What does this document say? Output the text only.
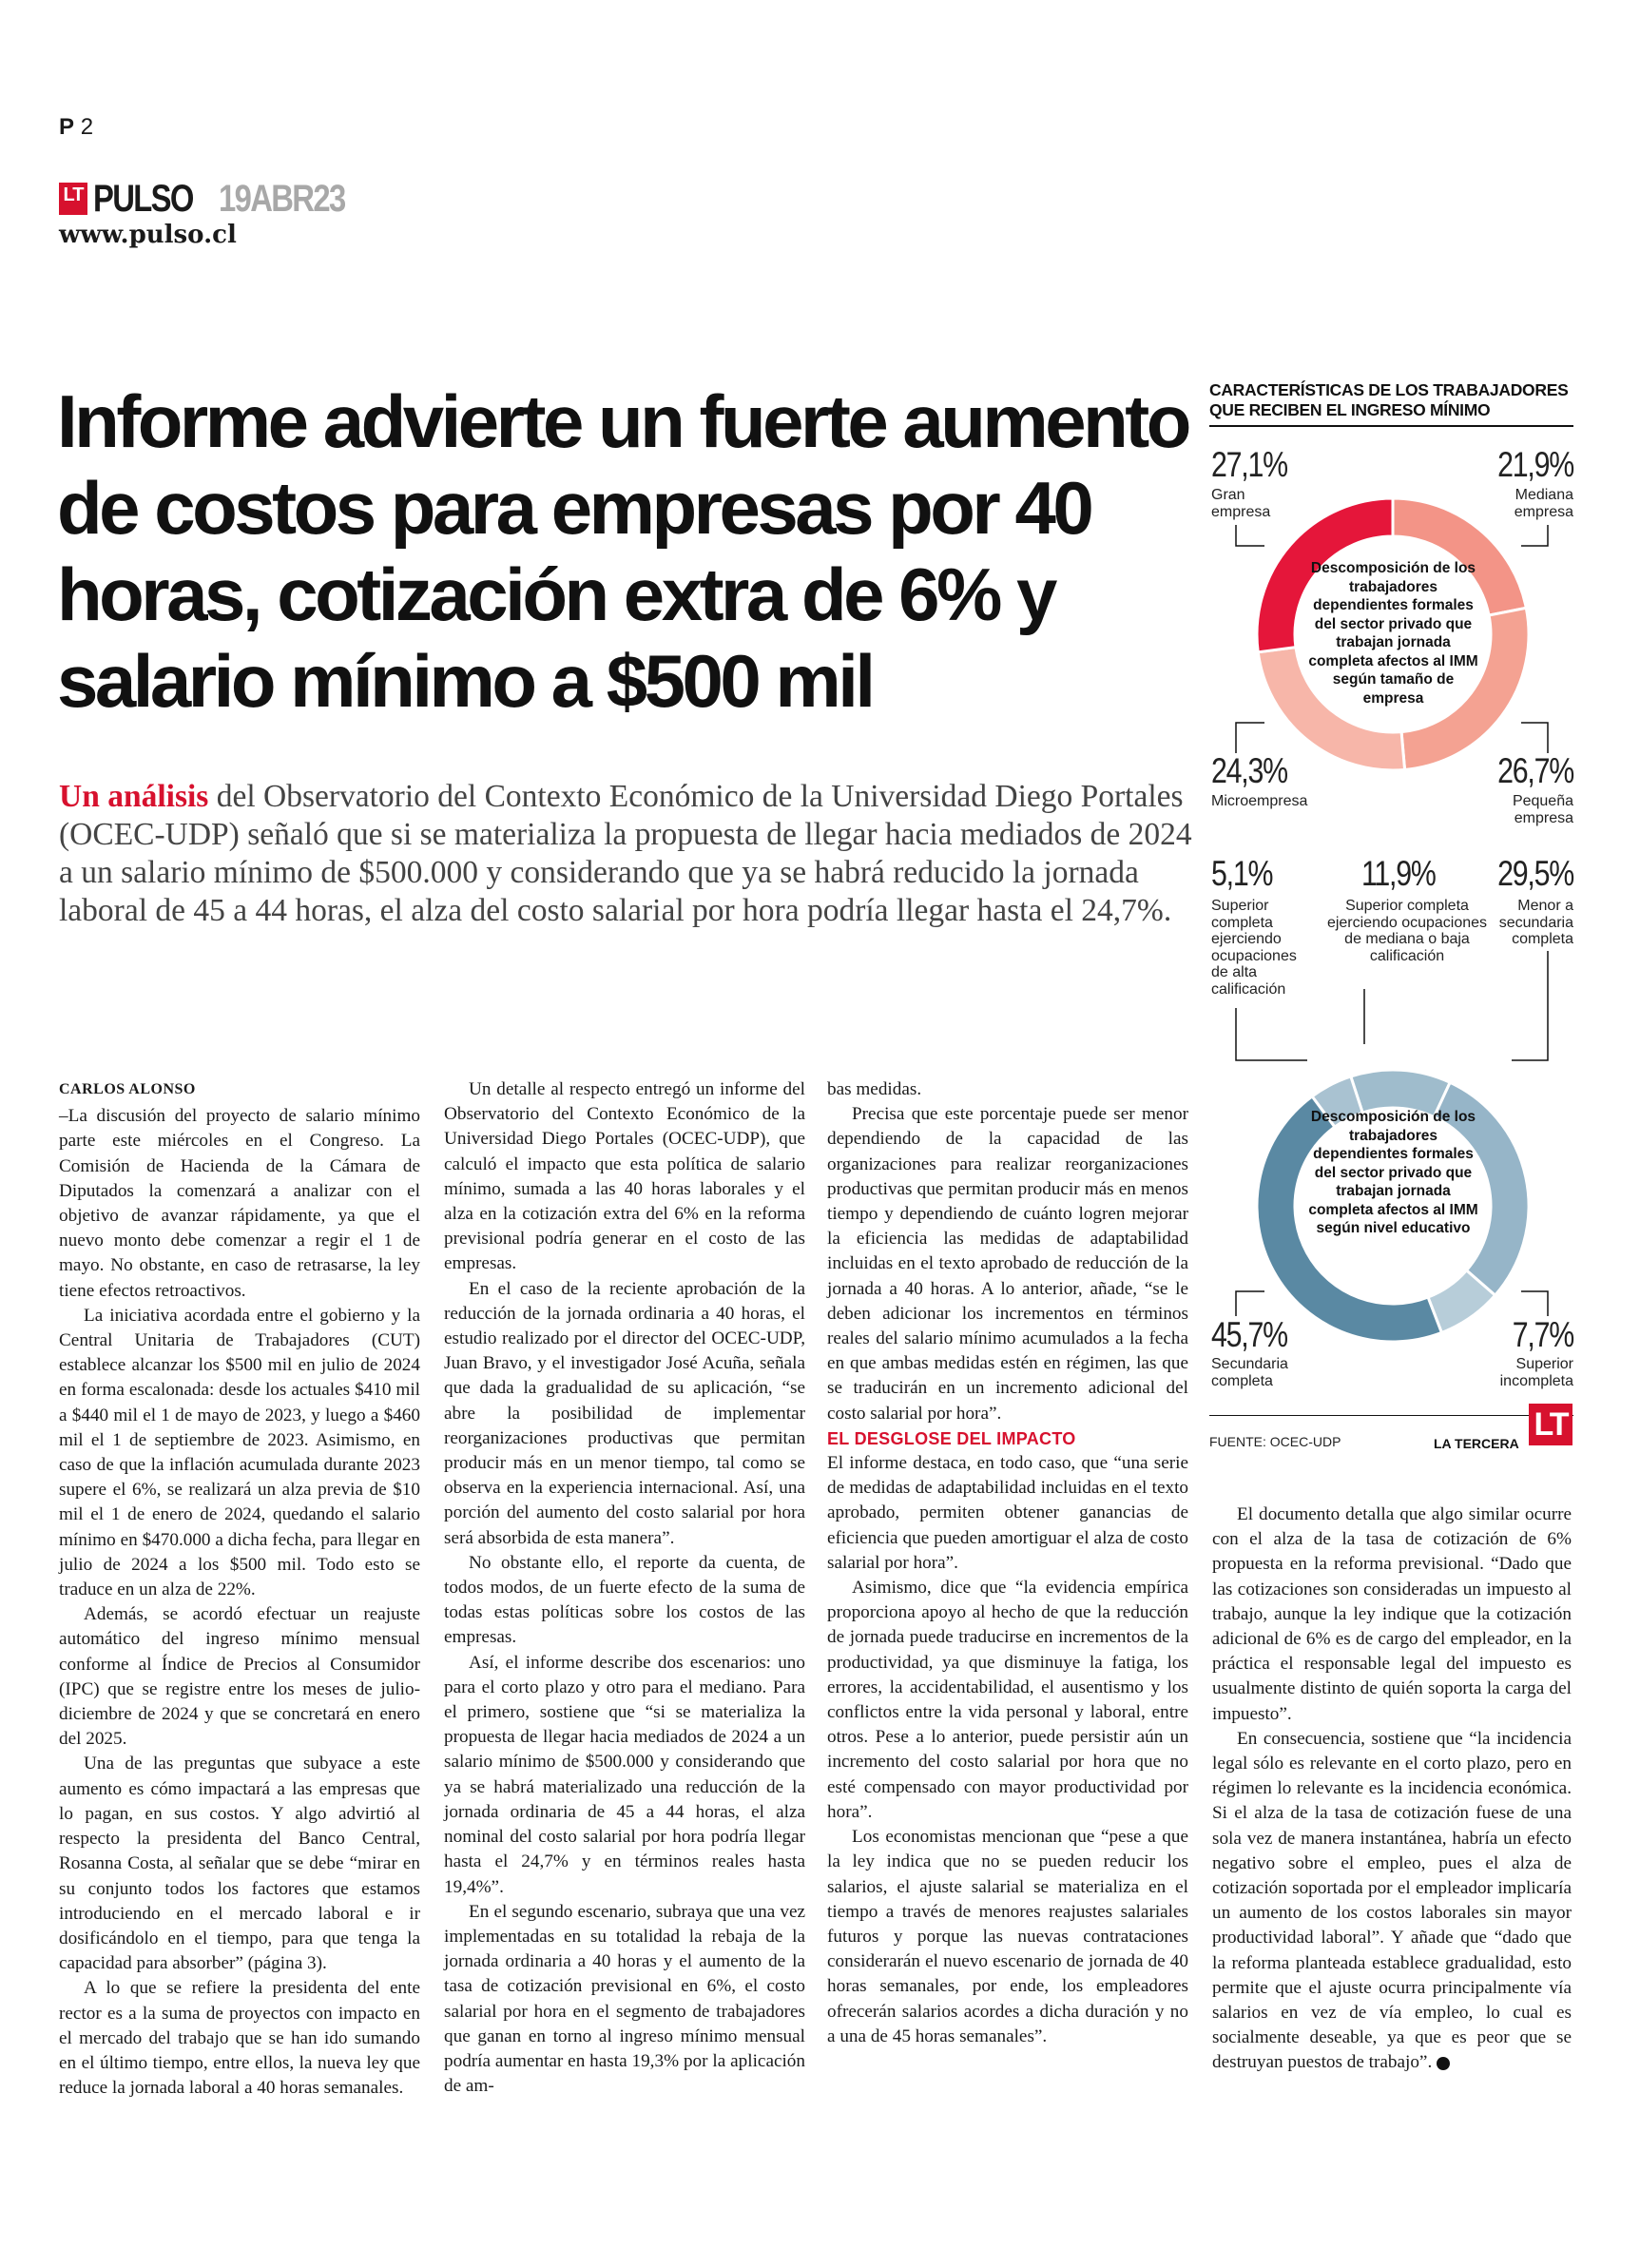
P 2
LT PULSO 19ABR23
www.pulso.cl
Informe advierte un fuerte aumento de costos para empresas por 40 horas, cotización extra de 6% y salario mínimo a $500 mil

Un análisis del Observatorio del Contexto Económico de la Universidad Diego Portales (OCEC-UDP) señaló que si se materializa la propuesta de llegar hacia mediados de 2024 a un salario mínimo de $500.000 y considerando que ya se habrá reducido la jornada laboral de 45 a 44 horas, el alza del costo salarial por hora podría llegar hasta el 24,7%.

CARLOS ALONSO

–La discusión del proyecto de salario mínimo parte este miércoles en el Congreso. La Comisión de Hacienda de la Cámara de Diputados la comenzará a analizar con el objetivo de avanzar rápidamente, ya que el nuevo monto debe comenzar a regir el 1 de mayo. No obstante, en caso de retrasarse, la ley tiene efectos retroactivos.

La iniciativa acordada entre el gobierno y la Central Unitaria de Trabajadores (CUT) establece alcanzar los $500 mil en julio de 2024 en forma escalonada: desde los actuales $410 mil a $440 mil el 1 de mayo de 2023, y luego a $460 mil el 1 de septiembre de 2023. Asimismo, en caso de que la inflación acumulada durante 2023 supere el 6%, se realizará un alza previa de $10 mil el 1 de enero de 2024, quedando el salario mínimo en $470.000 a dicha fecha, para llegar en julio de 2024 a los $500 mil. Todo esto se traduce en un alza de 22%.

Además, se acordó efectuar un reajuste automático del ingreso mínimo mensual conforme al Índice de Precios al Consumidor (IPC) que se registre entre los meses de julio-diciembre de 2024 y que se concretará en enero del 2025.

Una de las preguntas que subyace a este aumento es cómo impactará a las empresas que lo pagan, en sus costos. Y algo advirtió al respecto la presidenta del Banco Central, Rosanna Costa, al señalar que se debe “mirar en su conjunto todos los factores que estamos introduciendo en el mercado laboral e ir dosificándolo en el tiempo, para que tenga la capacidad para absorber” (página 3).

A lo que se refiere la presidenta del ente rector es a la suma de proyectos con impacto en el mercado del trabajo que se han ido sumando en el último tiempo, entre ellos, la nueva ley que reduce la jornada laboral a 40 horas semanales.

Un detalle al respecto entregó un informe del Observatorio del Contexto Económico de la Universidad Diego Portales (OCEC-UDP), que calculó el impacto que esta política de salario mínimo, sumada a las 40 horas laborales y el alza en la cotización extra del 6% en la reforma previsional podría generar en el costo de las empresas.

En el caso de la reciente aprobación de la reducción de la jornada ordinaria a 40 horas, el estudio realizado por el director del OCEC-UDP, Juan Bravo, y el investigador José Acuña, señala que dada la gradualidad de su aplicación, “se abre la posibilidad de implementar reorganizaciones productivas que permitan producir más en un menor tiempo, tal como se observa en la experiencia internacional. Así, una porción del aumento del costo salarial por hora será absorbida de esta manera”.

No obstante ello, el reporte da cuenta, de todos modos, de un fuerte efecto de la suma de todas estas políticas sobre los costos de las empresas.

Así, el informe describe dos escenarios: uno para el corto plazo y otro para el mediano. Para el primero, sostiene que “si se materializa la propuesta de llegar hacia mediados de 2024 a un salario mínimo de $500.000 y considerando que ya se habrá materializado una reducción de la jornada ordinaria de 45 a 44 horas, el alza nominal del costo salarial por hora podría llegar hasta el 24,7% y en términos reales hasta 19,4%”.

En el segundo escenario, subraya que una vez implementadas en su totalidad la rebaja de la jornada ordinaria a 40 horas y el aumento de la tasa de cotización previsional en 6%, el costo salarial por hora en el segmento de trabajadores que ganan en torno al ingreso mínimo mensual podría aumentar en hasta 19,3% por la aplicación de am-

bas medidas.

Precisa que este porcentaje puede ser menor dependiendo de la capacidad de las organizaciones para realizar reorganizaciones productivas que permitan producir más en menos tiempo y dependiendo de cuánto logren mejorar la eficiencia las medidas de adaptabilidad incluidas en el texto aprobado de reducción de la jornada a 40 horas. A lo anterior, añade, “se le deben adicionar los incrementos en términos reales del salario mínimo acumulados a la fecha en que ambas medidas estén en régimen, las que se traducirán en un incremento adicional del costo salarial por hora”.

EL DESGLOSE DEL IMPACTO

El informe destaca, en todo caso, que “una serie de medidas de adaptabilidad incluidas en el texto aprobado, permiten obtener ganancias de eficiencia que pueden amortiguar el alza de costo salarial por hora”.

Asimismo, dice que “la evidencia empírica proporciona apoyo al hecho de que la reducción de jornada puede traducirse en incrementos de la productividad, ya que disminuye la fatiga, los errores, la accidentabilidad, el ausentismo y los conflictos entre la vida personal y laboral, entre otros. Pese a lo anterior, puede persistir aún un incremento del costo salarial por hora que no esté compensado con mayor productividad por hora”.

Los economistas mencionan que “pese a que la ley indica que no se pueden reducir los salarios, el ajuste salarial se materializa en el tiempo a través de menores reajustes salariales futuros y porque las nuevas contrataciones considerarán el nuevo escenario de jornada de 40 horas semanales, por ende, los empleadores ofrecerán salarios acordes a dicha duración y no a una de 45 horas semanales”.

El documento detalla que algo similar ocurre con el alza de la tasa de cotización de 6% propuesta en la reforma previsional. “Dado que las cotizaciones son consideradas un impuesto al trabajo, aunque la ley indique que la cotización adicional de 6% es de cargo del empleador, en la práctica el responsable legal del impuesto es usualmente distinto de quién soporta la carga del impuesto”.

En consecuencia, sostiene que “la incidencia legal sólo es relevante en el corto plazo, pero en régimen lo relevante es la incidencia económica. Si el alza de la tasa de cotización fuese de una sola vez de manera instantánea, habría un efecto negativo sobre el empleo, pues el alza de cotización soportada por el empleador implicaría un aumento de los costos laborales sin mayor productividad laboral”. Y añade que “dado que la reforma planteada establece gradualidad, esto permite que el ajuste ocurra principalmente vía salarios en vez de vía empleo, lo cual es socialmente deseable, ya que es peor que se destruyan puestos de trabajo”.	P

CARACTERÍSTICAS DE LOS TRABAJADORES QUE RECIBEN EL INGRESO MÍNIMO
27,1%
Gran empresa
21,9%
Mediana empresa
26,7%
Pequeña empresa
24,3%
Microempresa
Descomposición de los trabajadores dependientes formales del sector privado que trabajan jornada completa afectos al IMM según tamaño de empresa
5,1%
Superior completa ejerciendo ocupaciones de alta calificación
11,9%
Superior completa ejerciendo ocupaciones de mediana o baja calificación
29,5%
Menor a secundaria completa
7,7%
Superior incompleta
45,7%
Secundaria completa
Descomposición de los trabajadores dependientes formales del sector privado que trabajan jornada completa afectos al IMM según nivel educativo
FUENTE: OCEC-UDP	LA TERCERA
LT
